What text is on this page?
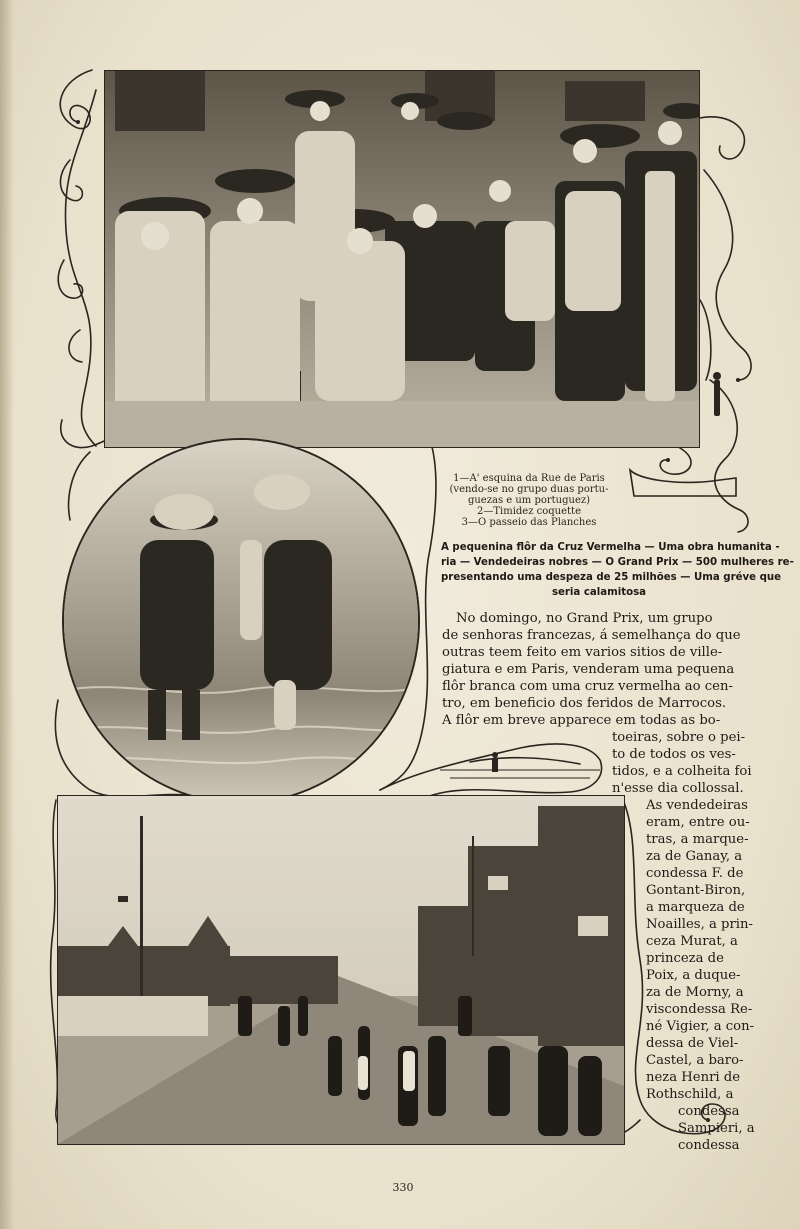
1—A' esquina da Rue de Paris
(vendo-se no grupo duas portu-
guezas e um portuguez)
2—Timidez coquette
3—O passeio das Planches
A pequenina flôr da Cruz Vermelha — Uma obra humanita -
ria — Vendedeiras nobres — O Grand Prix — 500 mulheres re-
presentando uma despeza de 25 milhões — Uma gréve que
seria calamitosa
No domingo, no Grand Prix, um grupo
de senhoras francezas, á semelhança do que
outras teem feito em varios sitios de ville-
giatura e em Paris, venderam uma pequena
flôr branca com uma cruz vermelha ao cen-
tro, em beneficio dos feridos de Marrocos.
A flôr em breve apparece em todas as bo-
toeiras, sobre o pei-
to de todos os ves-
tidos, e a colheita foi
n'esse dia collossal.
As vendedeiras
eram, entre ou-
tras, a marque-
za de Ganay, a
condessa F. de
Gontant-Biron,
a marqueza de
Noailles, a prin-
ceza Murat, a
princeza de
Poix, a duque-
za de Morny, a
viscondessa Re-
né Vigier, a con-
dessa de Viel-
Castel, a baro-
neza Henri de
Rothschild, a
condessa
Sampieri, a
condessa
330
